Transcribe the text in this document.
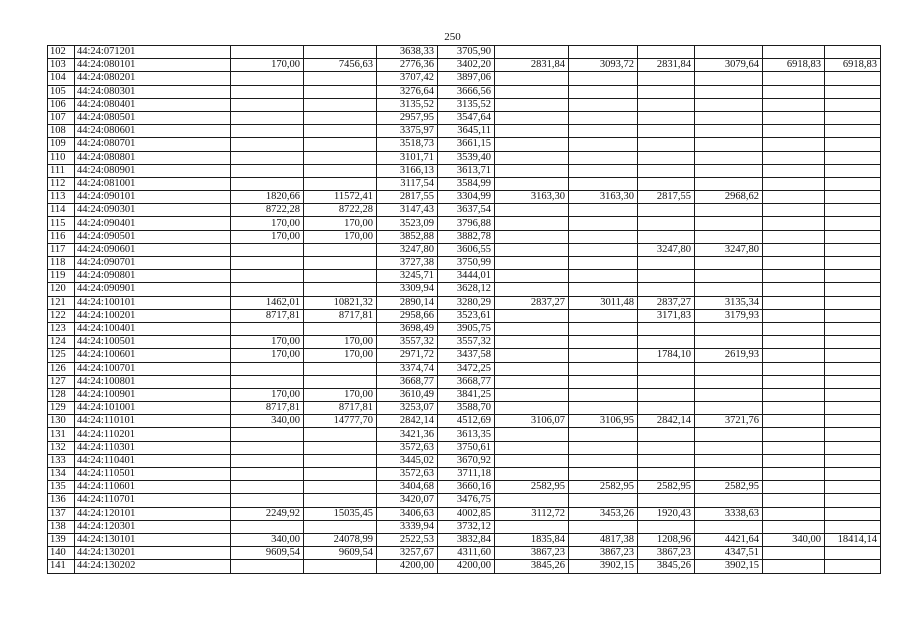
250
102	44:24:071201			3638,33	3705,90						
103	44:24:080101	170,00	7456,63	2776,36	3402,20	2831,84	3093,72	2831,84	3079,64	6918,83	6918,83
104	44:24:080201			3707,42	3897,06						
105	44:24:080301			3276,64	3666,56						
106	44:24:080401			3135,52	3135,52						
107	44:24:080501			2957,95	3547,64						
108	44:24:080601			3375,97	3645,11						
109	44:24:080701			3518,73	3661,15						
110	44:24:080801			3101,71	3539,40						
111	44:24:080901			3166,13	3613,71						
112	44:24:081001			3117,54	3584,99						
113	44:24:090101	1820,66	11572,41	2817,55	3304,99	3163,30	3163,30	2817,55	2968,62		
114	44:24:090301	8722,28	8722,28	3147,43	3637,54						
115	44:24:090401	170,00	170,00	3523,09	3796,88						
116	44:24:090501	170,00	170,00	3852,88	3882,78						
117	44:24:090601			3247,80	3606,55			3247,80	3247,80		
118	44:24:090701			3727,38	3750,99						
119	44:24:090801			3245,71	3444,01						
120	44:24:090901			3309,94	3628,12						
121	44:24:100101	1462,01	10821,32	2890,14	3280,29	2837,27	3011,48	2837,27	3135,34		
122	44:24:100201	8717,81	8717,81	2958,66	3523,61			3171,83	3179,93		
123	44:24:100401			3698,49	3905,75						
124	44:24:100501	170,00	170,00	3557,32	3557,32						
125	44:24:100601	170,00	170,00	2971,72	3437,58			1784,10	2619,93		
126	44:24:100701			3374,74	3472,25						
127	44:24:100801			3668,77	3668,77						
128	44:24:100901	170,00	170,00	3610,49	3841,25						
129	44:24:101001	8717,81	8717,81	3253,07	3588,70						
130	44:24:110101	340,00	14777,70	2842,14	4512,69	3106,07	3106,95	2842,14	3721,76		
131	44:24:110201			3421,36	3613,35						
132	44:24:110301			3572,63	3750,61						
133	44:24:110401			3445,02	3670,92						
134	44:24:110501			3572,63	3711,18						
135	44:24:110601			3404,68	3660,16	2582,95	2582,95	2582,95	2582,95		
136	44:24:110701			3420,07	3476,75						
137	44:24:120101	2249,92	15035,45	3406,63	4002,85	3112,72	3453,26	1920,43	3338,63		
138	44:24:120301			3339,94	3732,12						
139	44:24:130101	340,00	24078,99	2522,53	3832,84	1835,84	4817,38	1208,96	4421,64	340,00	18414,14
140	44:24:130201	9609,54	9609,54	3257,67	4311,60	3867,23	3867,23	3867,23	4347,51		
141	44:24:130202			4200,00	4200,00	3845,26	3902,15	3845,26	3902,15		
